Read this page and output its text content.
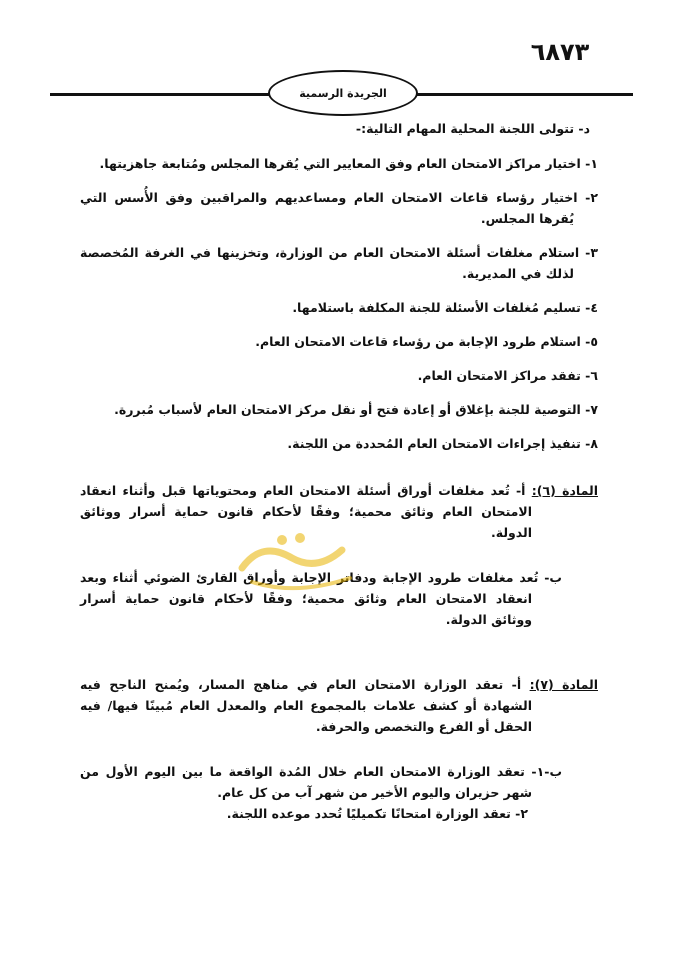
٦٨٧٣
الجريدة الرسمية

د- تتولى اللجنة المحلية المهام التالية:-

١- اختيار مراكز الامتحان العام وفق المعايير التي يُقرها المجلس ومُتابعة جاهزيتها.

٢- اختيار رؤساء قاعات الامتحان العام ومساعديهم والمراقبين وفق الأُسس التي يُقرها المجلس.

٣- استلام مغلفات أسئلة الامتحان العام من الوزارة، وتخزينها في الغرفة المُخصصة لذلك في المديرية.

٤- تسليم مُغلفات الأسئلة للجنة المكلفة باستلامها.

٥- استلام طرود الإجابة من رؤساء قاعات الامتحان العام.

٦- تفقد مراكز الامتحان العام.

٧- التوصية للجنة بإغلاق أو إعادة فتح أو نقل مركز الامتحان العام لأسباب مُبررة.

٨- تنفيذ إجراءات الامتحان العام المُحددة من اللجنة.

المادة (٦): أ- تُعد مغلفات أوراق أسئلة الامتحان العام ومحتوياتها قبل وأثناء انعقاد الامتحان العام وثائق محمية؛ وفقًا لأحكام قانون حماية أسرار ووثائق الدولة.

ب- تُعد مغلفات طرود الإجابة ودفاتر الإجابة وأوراق القارئ الضوئي أثناء وبعد انعقاد الامتحان العام وثائق محمية؛ وفقًا لأحكام قانون حماية أسرار ووثائق الدولة.

المادة (٧): أ- تعقد الوزارة الامتحان العام في مناهج المسار، ويُمنح الناجح فيه الشهادة أو كشف علامات بالمجموع العام والمعدل العام مُبينًا فيها/ فيه الحقل أو الفرع والتخصص والحرفة.

ب-١- تعقد الوزارة الامتحان العام خلال المُدة الواقعة ما بين اليوم الأول من شهر حزيران واليوم الأخير من شهر آب من كل عام.

٢- تعقد الوزارة امتحانًا تكميليًا تُحدد موعده اللجنة.
